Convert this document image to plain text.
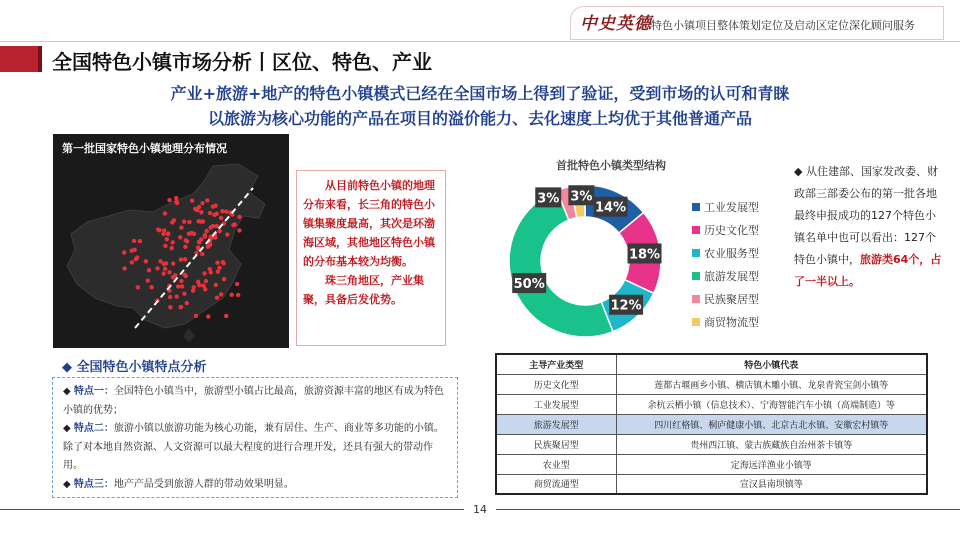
中史英德 特色小镇项目整体策划定位及启动区定位深化顾问服务
全国特色小镇市场分析丨区位、特色、产业
产业+旅游+地产的特色小镇模式已经在全国市场上得到了验证，受到市场的认可和青睐
以旅游为核心功能的产品在项目的溢价能力、去化速度上均优于其他普通产品
第一批国家特色小镇地理分布情况

从目前特色小镇的地理分布来看，长三角的特色小镇集聚度最高，其次是环渤海区域，其他地区特色小镇的分布基本较为均衡。

珠三角地区，产业集聚，具备后发优势。

◆ 全国特色小镇特点分析
◆ 特点一：全国特色小镇当中，旅游型小镇占比最高，旅游资源丰富的地区有成为特色小镇的优势；
◆ 特点二：旅游小镇以旅游功能为核心功能，兼有居住、生产、商业等多功能的小镇。除了对本地自然资源、人文资源可以最大程度的进行合理开发，还具有强大的带动作用。
◆ 特点三：地产产品受到旅游人群的带动效果明显。
首批特色小镇类型结构
14%
18%
12%
50%
3% 3%
工业发展型
历史文化型
农业服务型
旅游发展型
民族聚居型
商贸物流型
◆ 从住建部、国家发改委、财政部三部委公布的第一批各地最终申报成功的127个特色小镇名单中也可以看出：127个特色小镇中，旅游类64个，占了一半以上。
主导产业类型	特色小镇代表
历史文化型	莲都古堰画乡小镇、横店镇木雕小镇、龙泉青瓷宝剑小镇等
工业发展型	余杭云栖小镇（信息技术）、宁海智能汽车小镇（高端制造）等
旅游发展型	四川红格镇、桐庐健康小镇、北京古北水镇、安徽宏村镇等
民族聚居型	贵州西江镇、蒙古族藏族自治州茶卡镇等
农业型	定海远洋渔业小镇等
商贸流通型	宣汉县南坝镇等
14
